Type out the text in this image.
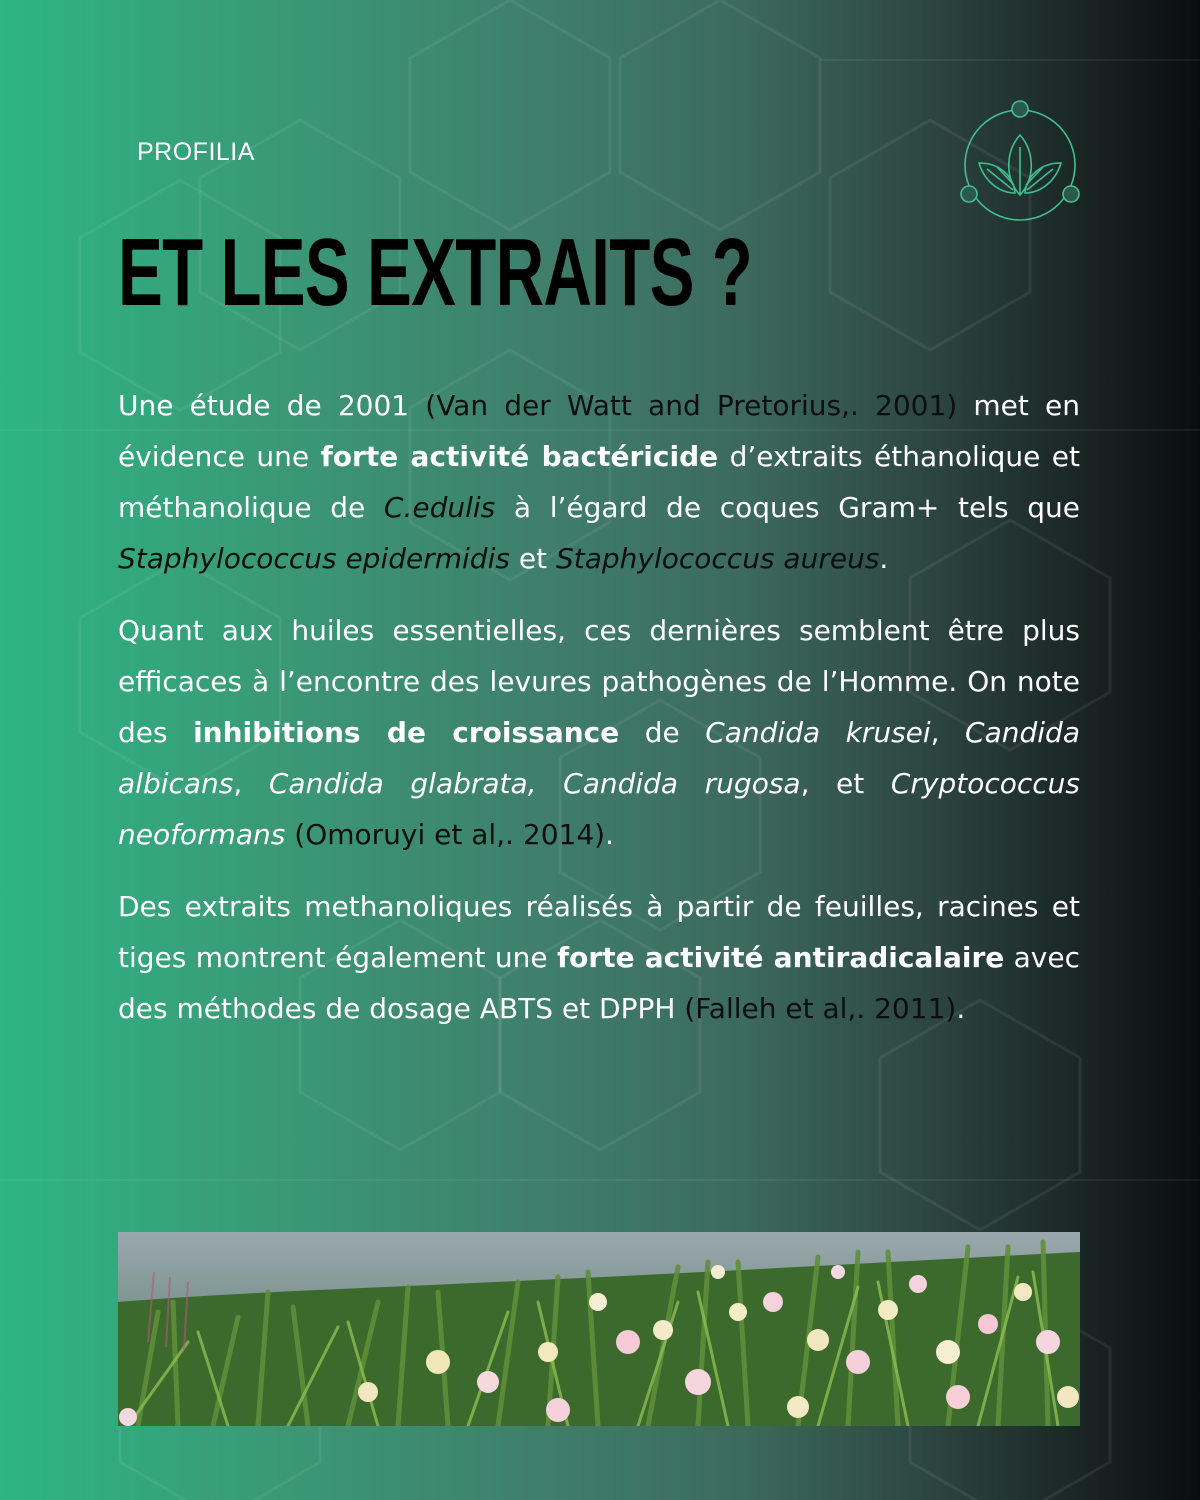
PROFILIA
ET LES EXTRAITS ?

Une étude de 2001 (Van der Watt and Pretorius,. 2001) met en évidence une forte activité bactéricide d’extraits éthanolique et méthanolique de C.edulis à l’égard de coques Gram+ tels que Staphylococcus epidermidis et Staphylococcus aureus.

Quant aux huiles essentielles, ces dernières semblent être plus efficaces à l’encontre des levures pathogènes de l’Homme. On note des inhibitions de croissance de Candida krusei, Candida albicans, Candida glabrata, Candida rugosa, et Cryptococcus neoformans (Omoruyi et al,. 2014).

Des extraits methanoliques réalisés à partir de feuilles, racines et tiges montrent également une forte activité antiradicalaire avec des méthodes de dosage ABTS et DPPH (Falleh et al,. 2011).
